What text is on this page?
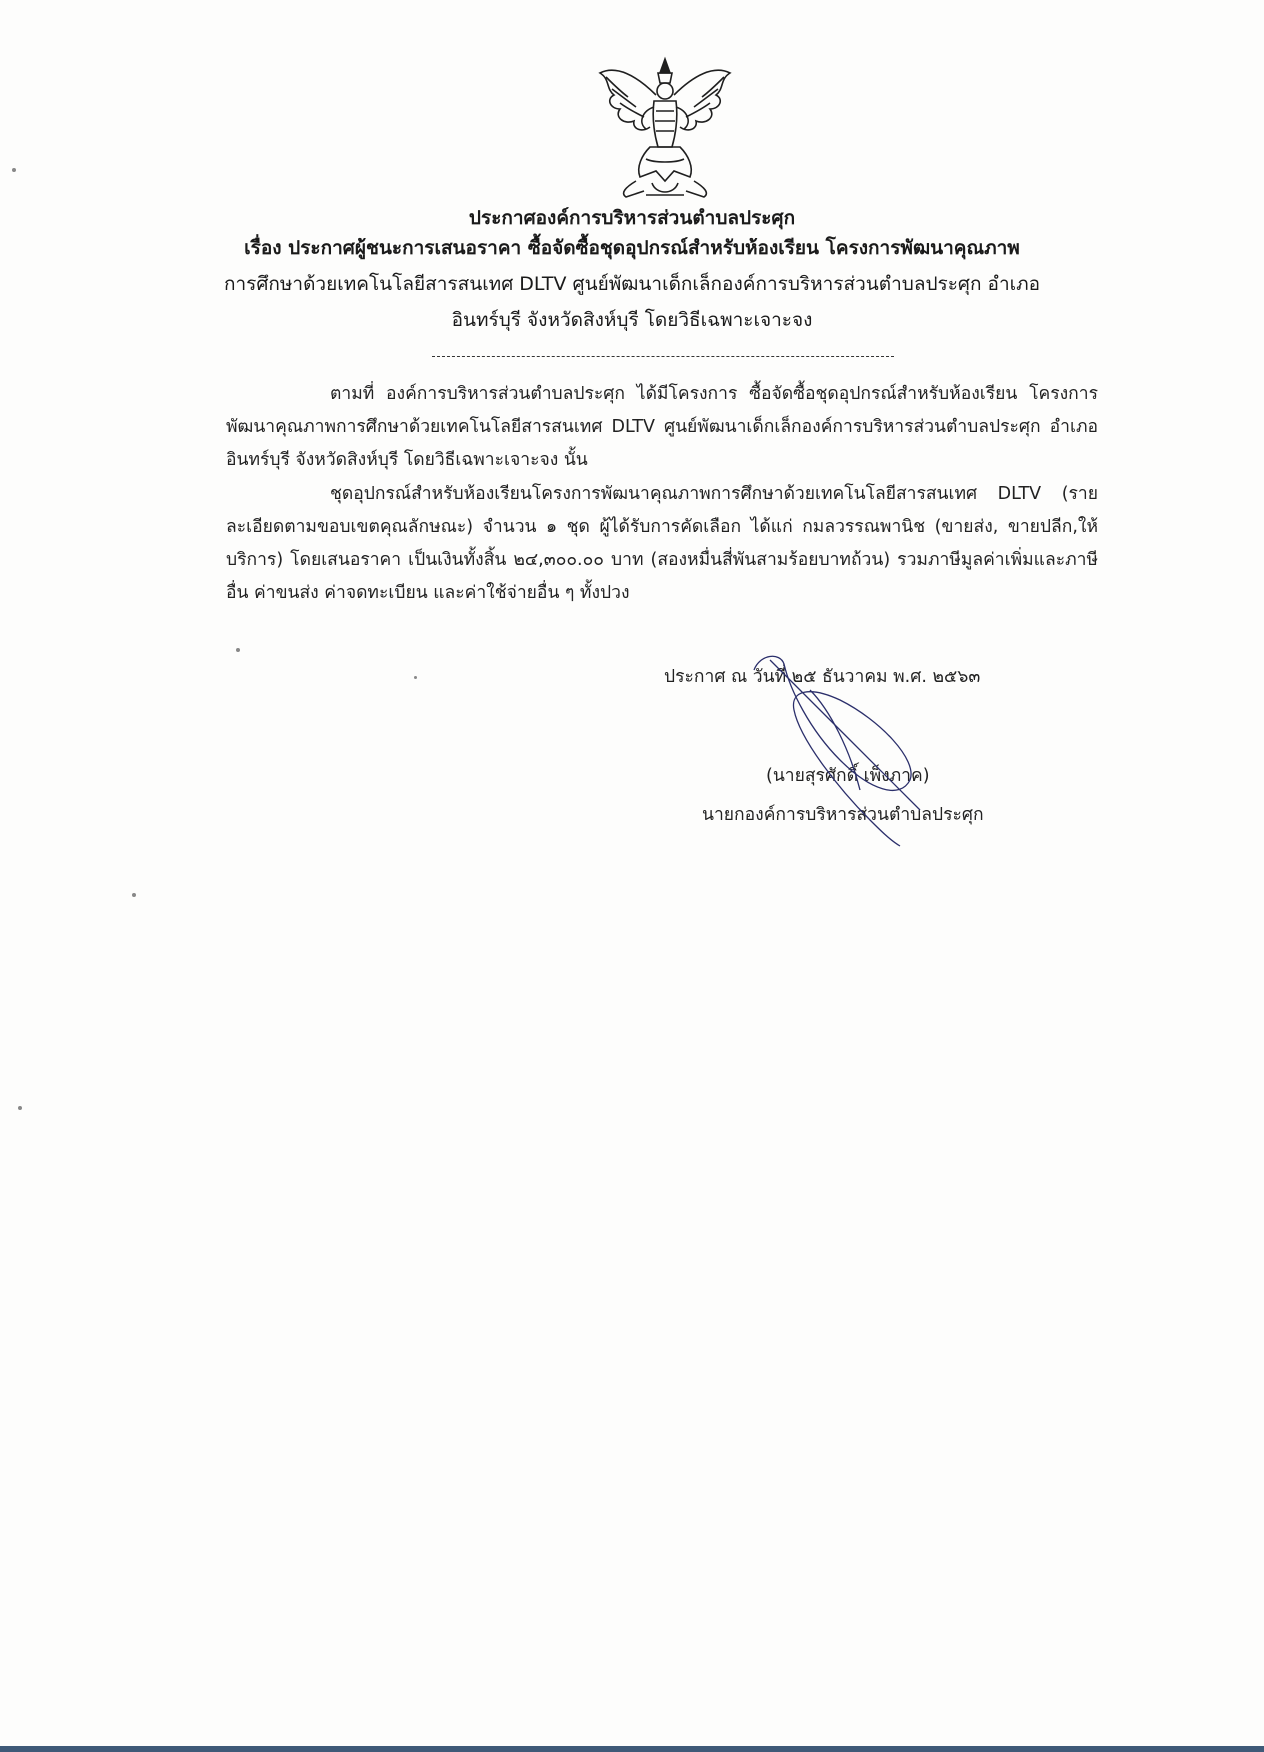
ประกาศองค์การบริหารส่วนตำบลประศุก
เรื่อง ประกาศผู้ชนะการเสนอราคา ซื้อจัดซื้อชุดอุปกรณ์สำหรับห้องเรียน โครงการพัฒนาคุณภาพ
การศึกษาด้วยเทคโนโลยีสารสนเทศ DLTV ศูนย์พัฒนาเด็กเล็กองค์การบริหารส่วนตำบลประศุก อำเภอ
อินทร์บุรี จังหวัดสิงห์บุรี โดยวิธีเฉพาะเจาะจง

ตามที่ องค์การบริหารส่วนตำบลประศุก ได้มีโครงการ ซื้อจัดซื้อชุดอุปกรณ์สำหรับห้องเรียน โครงการพัฒนาคุณภาพการศึกษาด้วยเทคโนโลยีสารสนเทศ DLTV ศูนย์พัฒนาเด็กเล็กองค์การบริหารส่วนตำบลประศุก อำเภออินทร์บุรี จังหวัดสิงห์บุรี โดยวิธีเฉพาะเจาะจง นั้น

ชุดอุปกรณ์สำหรับห้องเรียนโครงการพัฒนาคุณภาพการศึกษาด้วยเทคโนโลยีสารสนเทศ DLTV (รายละเอียดตามขอบเขตคุณลักษณะ) จำนวน ๑ ชุด ผู้ได้รับการคัดเลือก ได้แก่ กมลวรรณพานิช (ขายส่ง, ขายปลีก,ให้บริการ) โดยเสนอราคา เป็นเงินทั้งสิ้น ๒๔,๓๐๐.๐๐ บาท (สองหมื่นสี่พันสามร้อยบาทถ้วน) รวมภาษีมูลค่าเพิ่มและภาษีอื่น ค่าขนส่ง ค่าจดทะเบียน และค่าใช้จ่ายอื่น ๆ ทั้งปวง

ประกาศ ณ วันที่ ๒๕ ธันวาคม พ.ศ. ๒๕๖๓
(นายสุรศักดิ์ เพ็งภาค)
นายกองค์การบริหารส่วนตำบลประศุก
